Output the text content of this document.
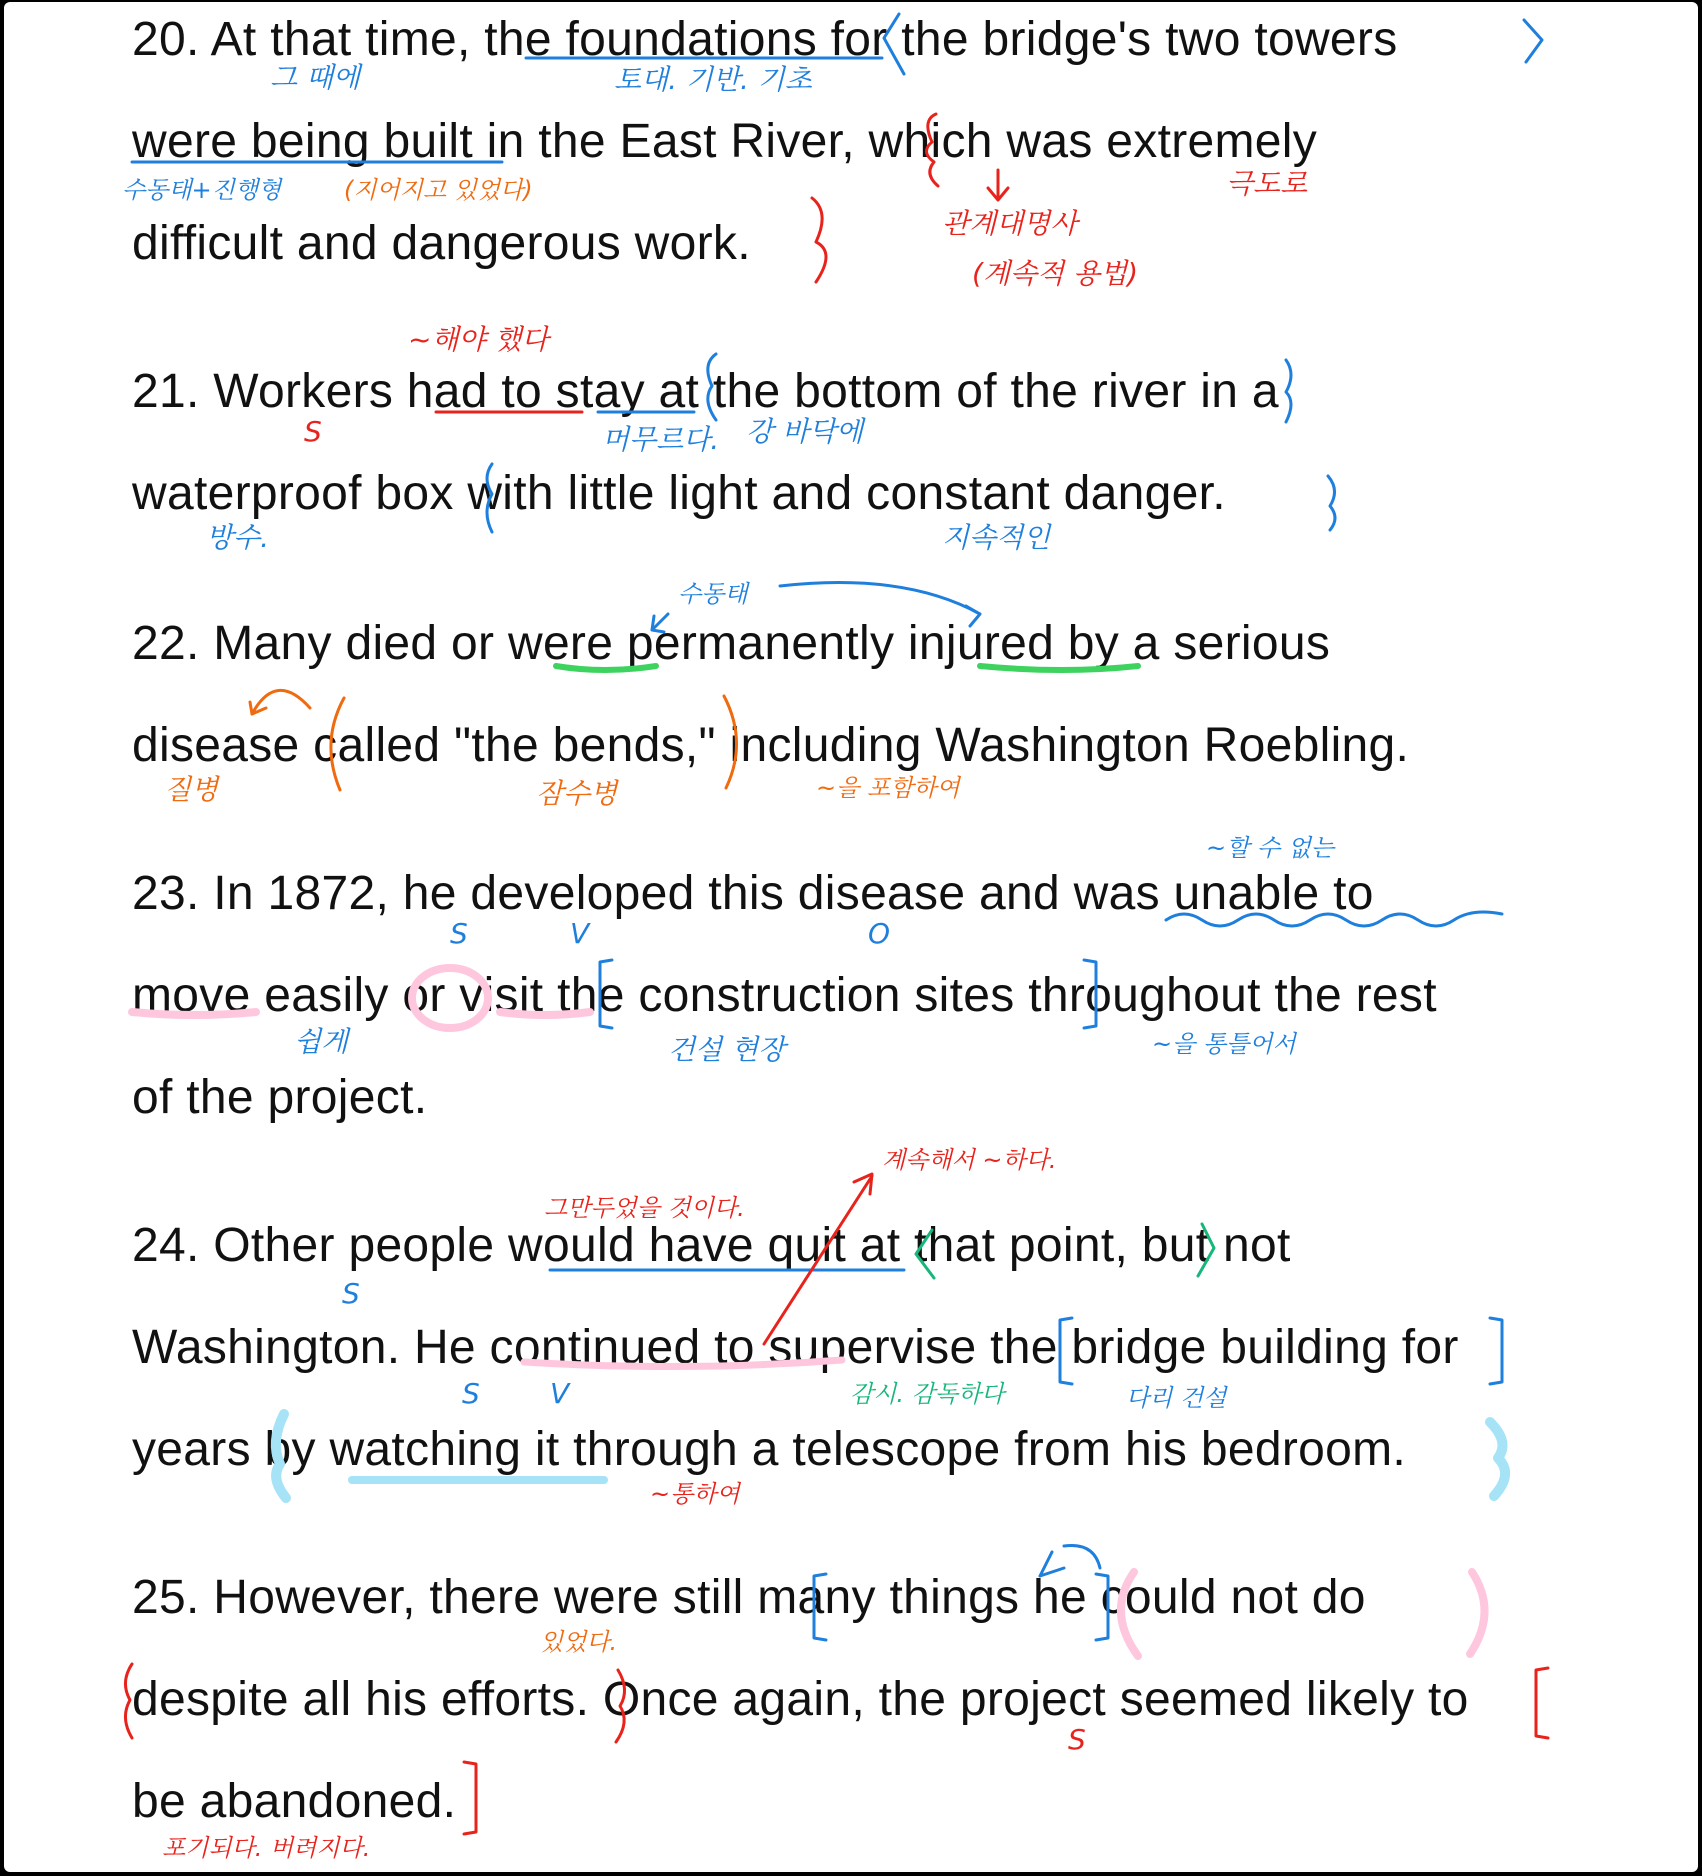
20. At that time, the foundations for the bridge's two towers
were being built in the East River, which was extremely
difficult and dangerous work.
21. Workers had to stay at the bottom of the river in a
waterproof box with little light and constant danger.
22. Many died or were permanently injured by a serious
disease called "the bends," including Washington Roebling.
23. In 1872, he developed this disease and was unable to
move easily or visit the construction sites throughout the rest
of the project.
24. Other people would have quit at that point, but not
Washington. He continued to supervise the bridge building for
years by watching it through a telescope from his bedroom.
25. However, there were still many things he could not do
despite all his efforts. Once again, the project seemed likely to
be abandoned.
그 때에	토대. 기반. 기초
수동태+진행형	(지어지고 있었다)	극도로
관계대명사
(계속적 용법)
~해야 했다
S	머무르다. 강 바닥에
방수.	지속적인
수동태
질병	잠수병	~을 포함하여
~할 수 없는
S	V	O
쉽게	건설 현장	~을 통틀어서
계속해서 ~하다.
그만두었을 것이다.
S
S	V	감시. 감독하다	다리 건설
~통하여
있었다.
S
포기되다. 버려지다.
